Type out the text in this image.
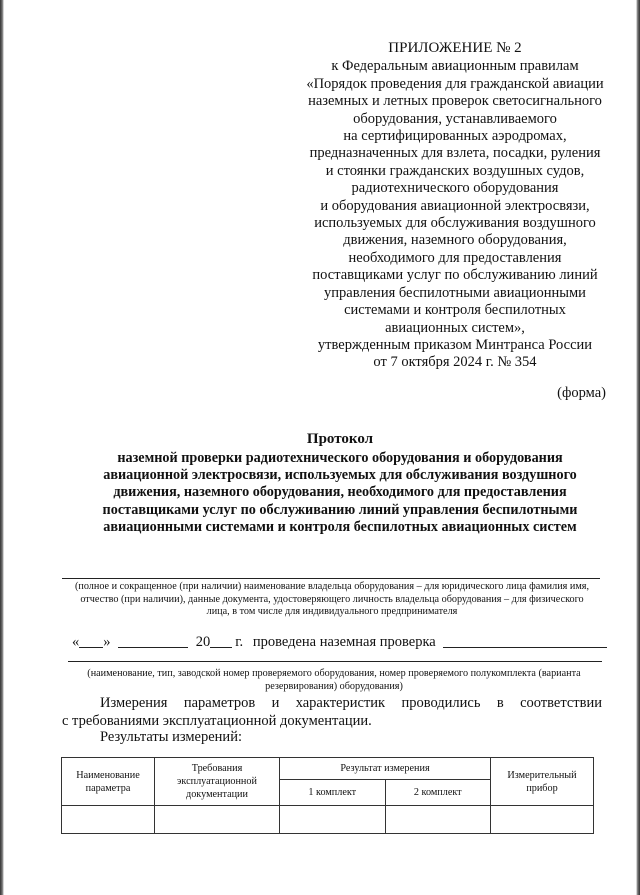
ПРИЛОЖЕНИЕ № 2
к Федеральным авиационным правилам
«Порядок проведения для гражданской авиации
наземных и летных проверок светосигнального
оборудования, устанавливаемого
на сертифицированных аэродромах,
предназначенных для взлета, посадки, руления
и стоянки гражданских воздушных судов,
радиотехнического оборудования
и оборудования авиационной электросвязи,
используемых для обслуживания воздушного
движения, наземного оборудования,
необходимого для предоставления
поставщиками услуг по обслуживанию линий
управления беспилотными авиационными
системами и контроля беспилотных
авиационных систем»,
утвержденным приказом Минтранса России
от 7 октября 2024 г. № 354
(форма)
Протокол
наземной проверки радиотехнического оборудования и оборудования
авиационной электросвязи, используемых для обслуживания воздушного
движения, наземного оборудования, необходимого для предоставления
поставщиками услуг по обслуживанию линий управления беспилотными
авиационными системами и контроля беспилотных авиационных систем
(полное и сокращенное (при наличии) наименование владельца оборудования – для юридического лица фамилия имя,
отчество (при наличии), данные документа, удостоверяющего личность владельца оборудования – для физического
лица, в том числе для индивидуального предпринимателя
« »	20 г. проведена наземная проверка
(наименование, тип, заводской номер проверяемого оборудования, номер проверяемого полукомплекта (варианта
резервирования) оборудования)
Измерения параметров и характеристик проводились в соответствии
с требованиями эксплуатационной документации.
Результаты измерений:
Наименование параметра	Требования эксплуатационной документации	Результат измерения		Измерительный прибор
		1 комплект	2 комплект	
